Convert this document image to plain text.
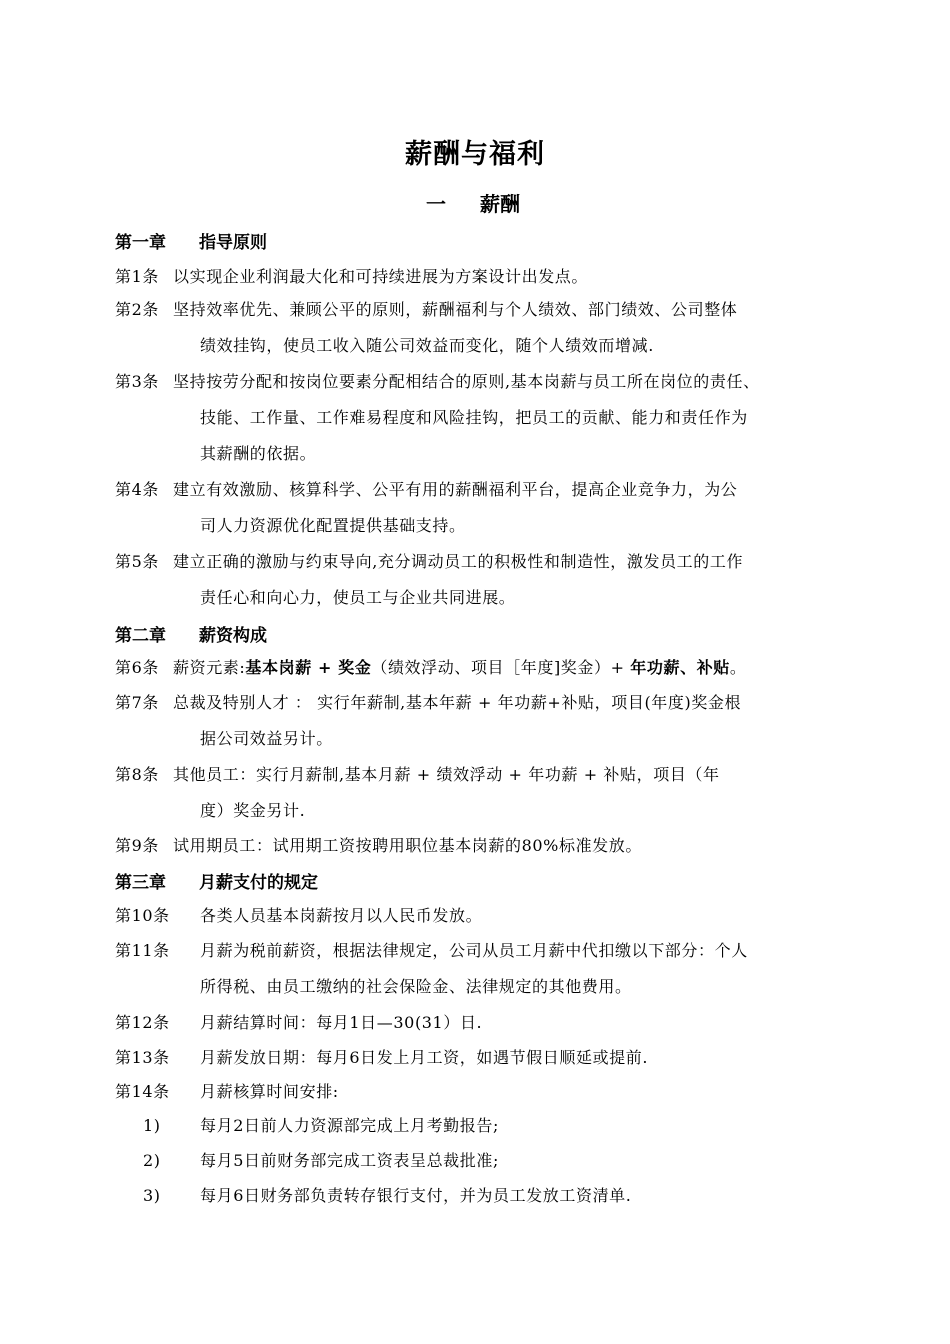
薪酬与福利
一 薪酬
第一章 指导原则
第1条 以实现企业利润最大化和可持续进展为方案设计出发点。
第2条 坚持效率优先、兼顾公平的原则，薪酬福利与个人绩效、部门绩效、公司整体
绩效挂钩，使员工收入随公司效益而变化，随个人绩效而增减.
第3条 坚持按劳分配和按岗位要素分配相结合的原则,基本岗薪与员工所在岗位的责任、
技能、工作量、工作难易程度和风险挂钩，把员工的贡献、能力和责任作为
其薪酬的依据。
第4条 建立有效激励、核算科学、公平有用的薪酬福利平台，提高企业竞争力，为公
司人力资源优化配置提供基础支持。
第5条 建立正确的激励与约束导向,充分调动员工的积极性和制造性，激发员工的工作
责任心和向心力，使员工与企业共同进展。
第二章 薪资构成
第6条 薪资元素:基本岗薪 + 奖金（绩效浮动、项目［年度]奖金）+ 年功薪、补贴。
第7条 总裁及特别人才 ： 实行年薪制,基本年薪 + 年功薪+补贴，项目(年度)奖金根
据公司效益另计。
第8条 其他员工：实行月薪制,基本月薪 + 绩效浮动 + 年功薪 + 补贴，项目（年
度）奖金另计.
第9条 试用期员工：试用期工资按聘用职位基本岗薪的80%标准发放。
第三章 月薪支付的规定
第10条 各类人员基本岗薪按月以人民币发放。
第11条 月薪为税前薪资，根据法律规定，公司从员工月薪中代扣缴以下部分：个人
所得税、由员工缴纳的社会保险金、法律规定的其他费用。
第12条 月薪结算时间：每月1日—30(31）日.
第13条 月薪发放日期：每月6日发上月工资，如遇节假日顺延或提前.
第14条 月薪核算时间安排:
1) 每月2日前人力资源部完成上月考勤报告;
2) 每月5日前财务部完成工资表呈总裁批准;
3) 每月6日财务部负责转存银行支付，并为员工发放工资清单.
